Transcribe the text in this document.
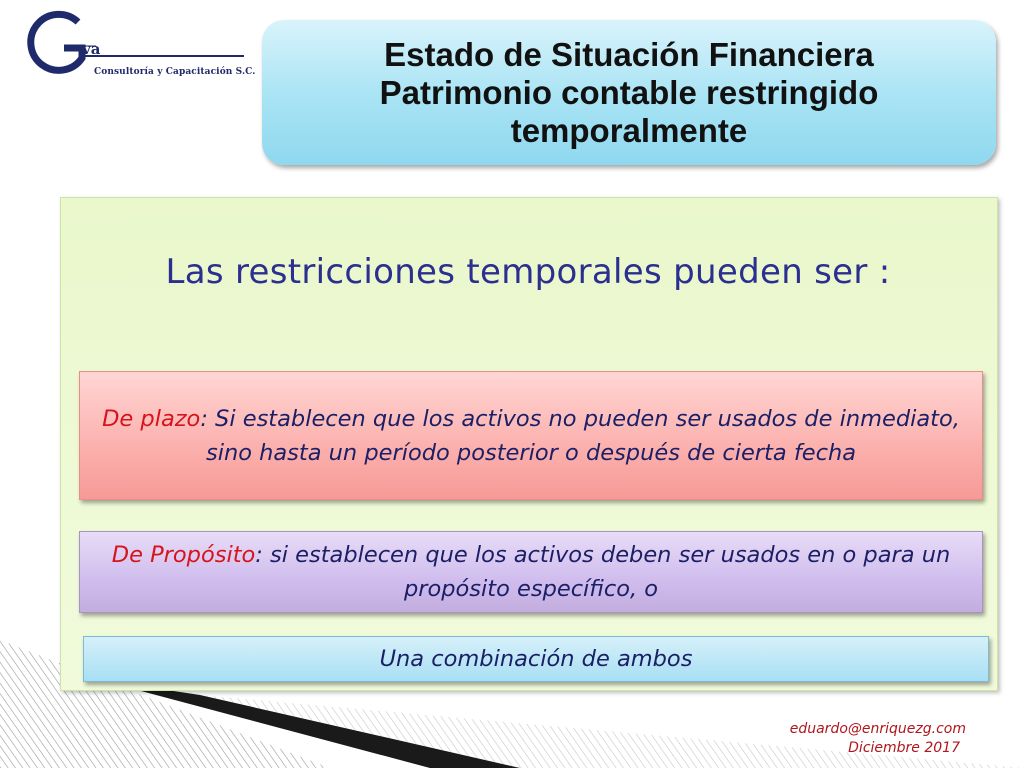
va
Consultoría y Capacitación S.C.	Estado de Situación Financiera
Patrimonio contable restringido
temporalmente
Las restricciones temporales pueden ser :
De plazo: Si establecen que los activos no pueden ser usados de inmediato, sino hasta un período posterior o después de cierta fecha
De Propósito: si establecen que los activos deben ser usados en o para un propósito específico, o
Una combinación de ambos
eduardo@enriquezg.com
Diciembre 2017
